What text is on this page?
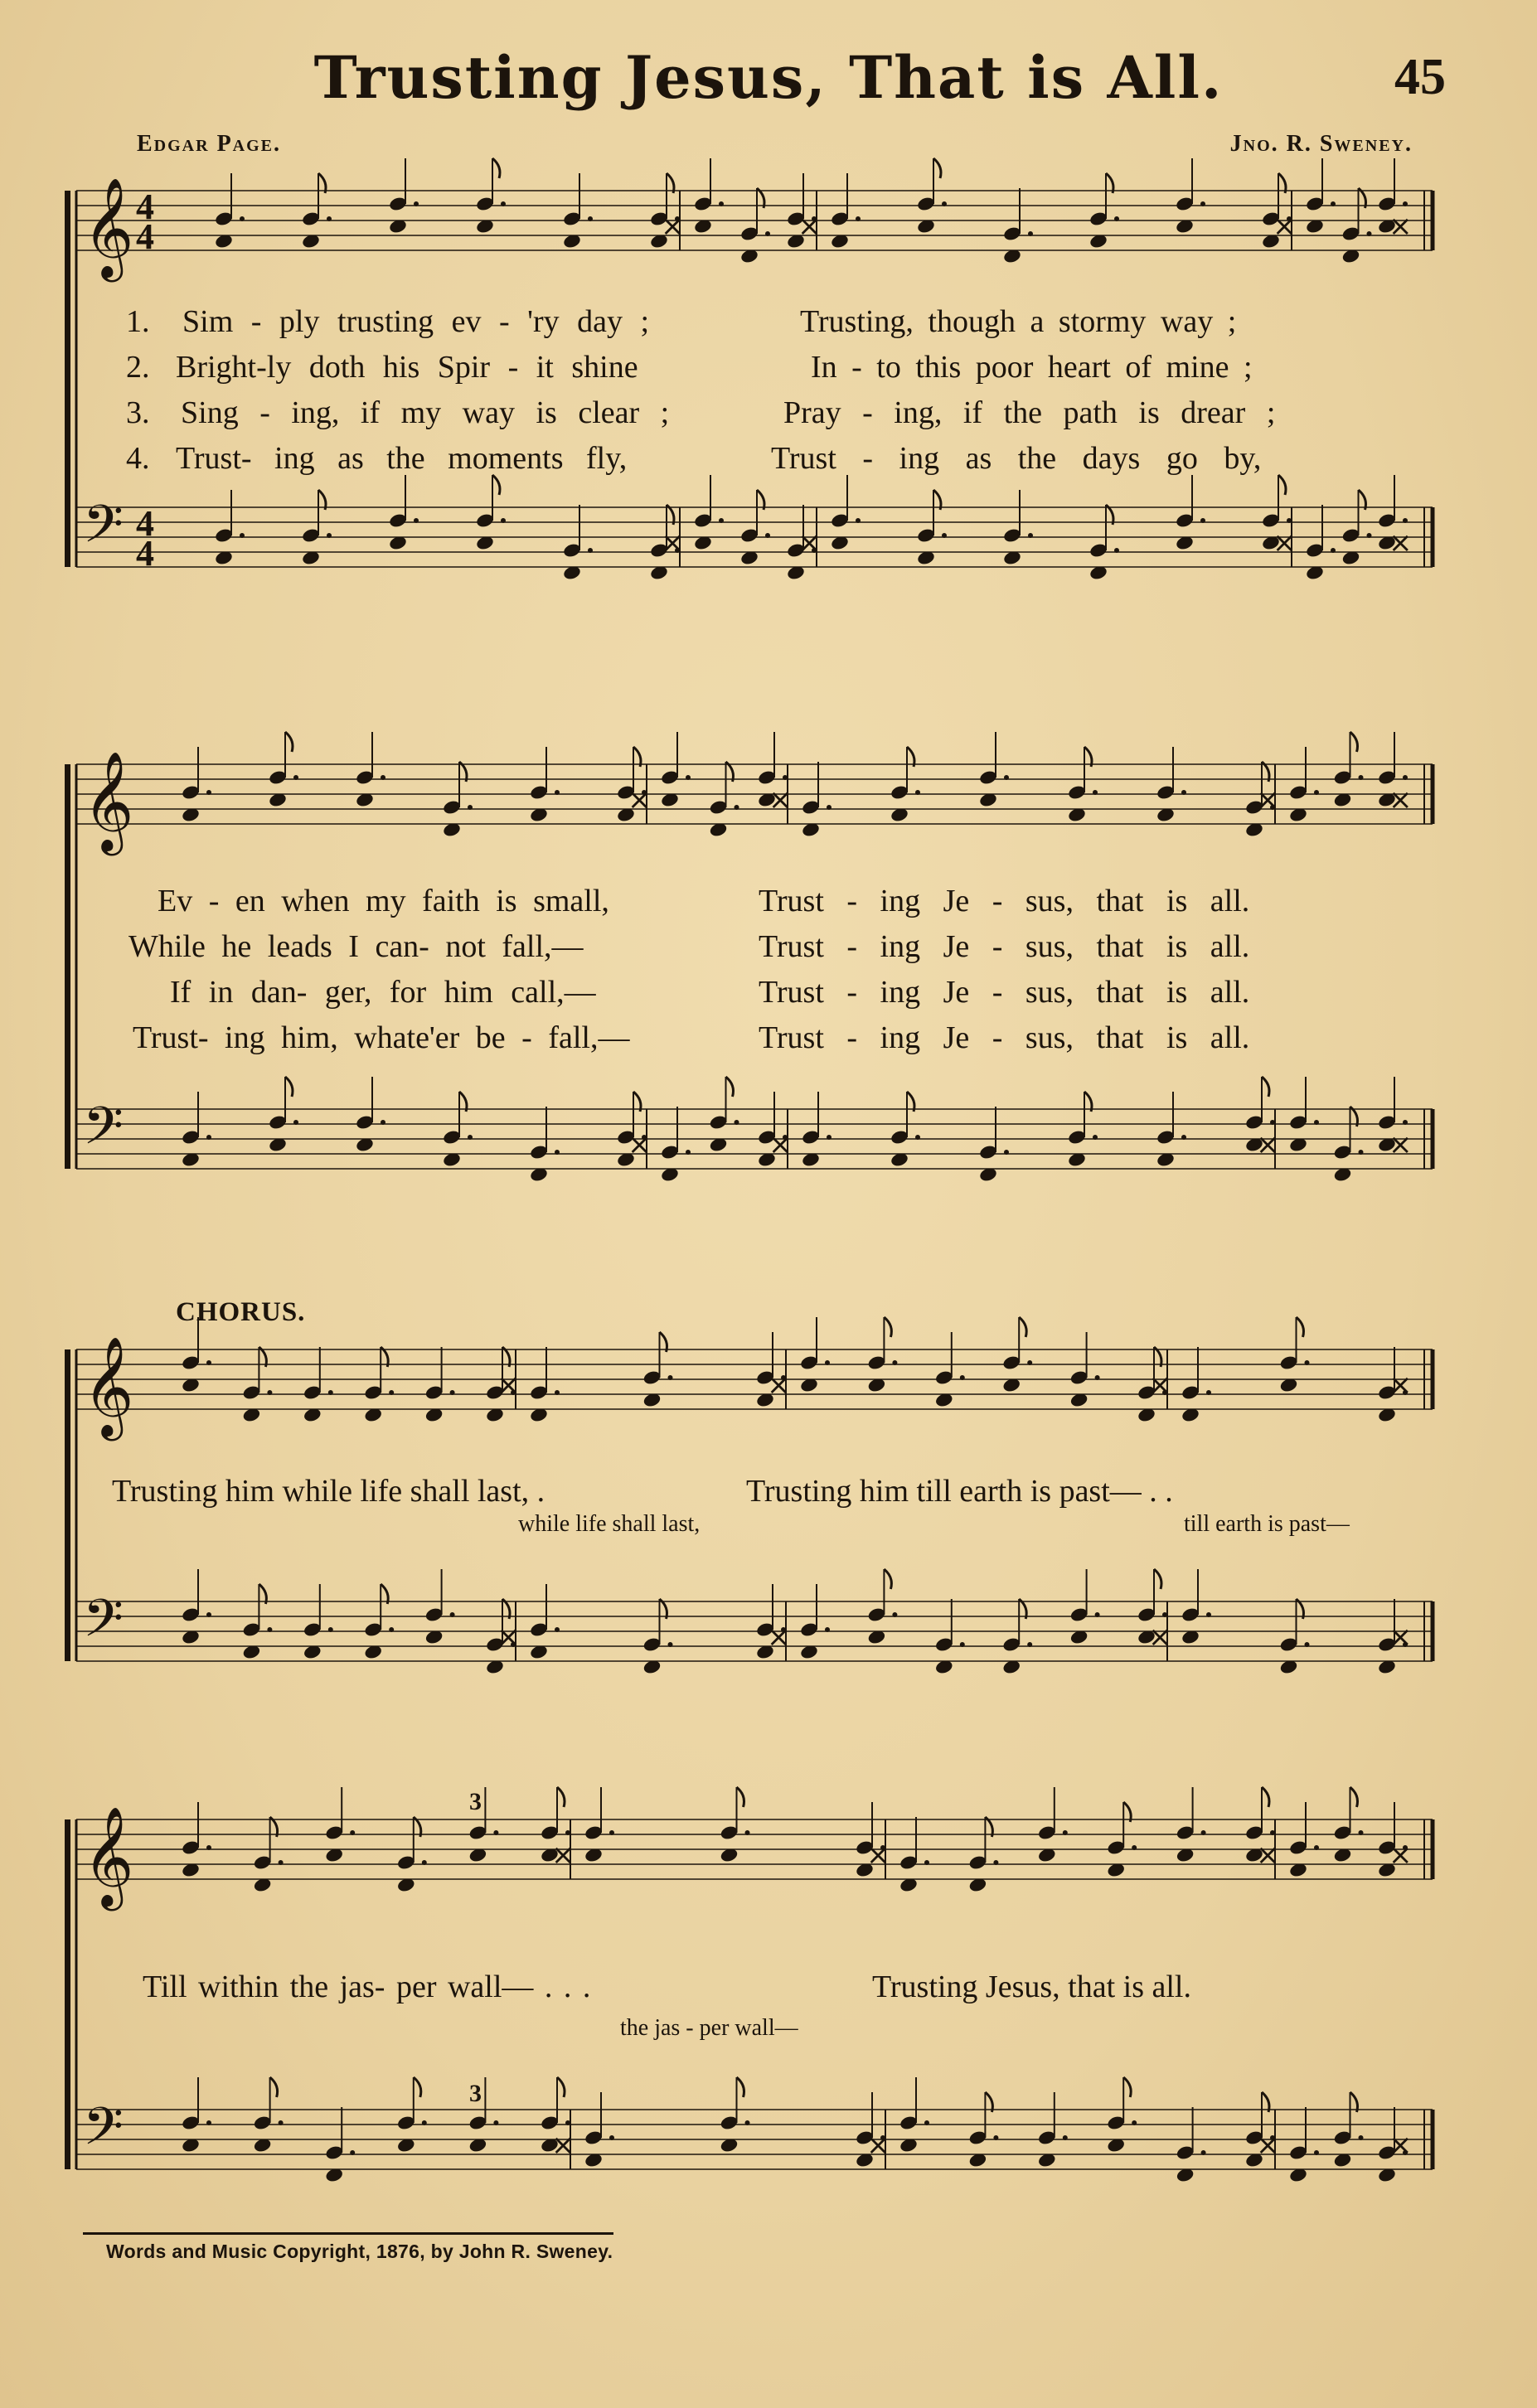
Trusting Jesus, That is All.	45
Edgar Page.	Jno. R. Sweney.
𝄞 4
4	×	×	×	×
𝄢 4
4	×	×	×	×
𝄞	×	×	×	×
𝄢	×	×	×	×
𝄞	×	×	×	×
𝄢	×	×	×	×
𝄞	×	×	×	×
𝄢	×	×	×	×
3
3
1. Sim - ply trusting ev - 'ry day ;	Trusting, though a stormy way ;
2. Bright-ly doth his Spir - it shine	In - to this poor heart of mine ;
3. Sing - ing, if my way is clear ;	Pray - ing, if the path is drear ;
4. Trust- ing as the moments fly,	Trust - ing as the days go by,
Ev - en when my faith is small,	Trust - ing Je - sus, that is all.
While he leads I can- not fall,—	Trust - ing Je - sus, that is all.
If in dan- ger, for him call,—	Trust - ing Je - sus, that is all.
Trust- ing him, whate'er be - fall,—	Trust - ing Je - sus, that is all.
CHORUS.
Trusting him while life shall last, .	Trusting him till earth is past— . .
while life shall last,	till earth is past—
Till within the jas- per wall— . . .	Trusting Jesus, that is all.
the jas - per wall—
Words and Music Copyright, 1876, by John R. Sweney.
